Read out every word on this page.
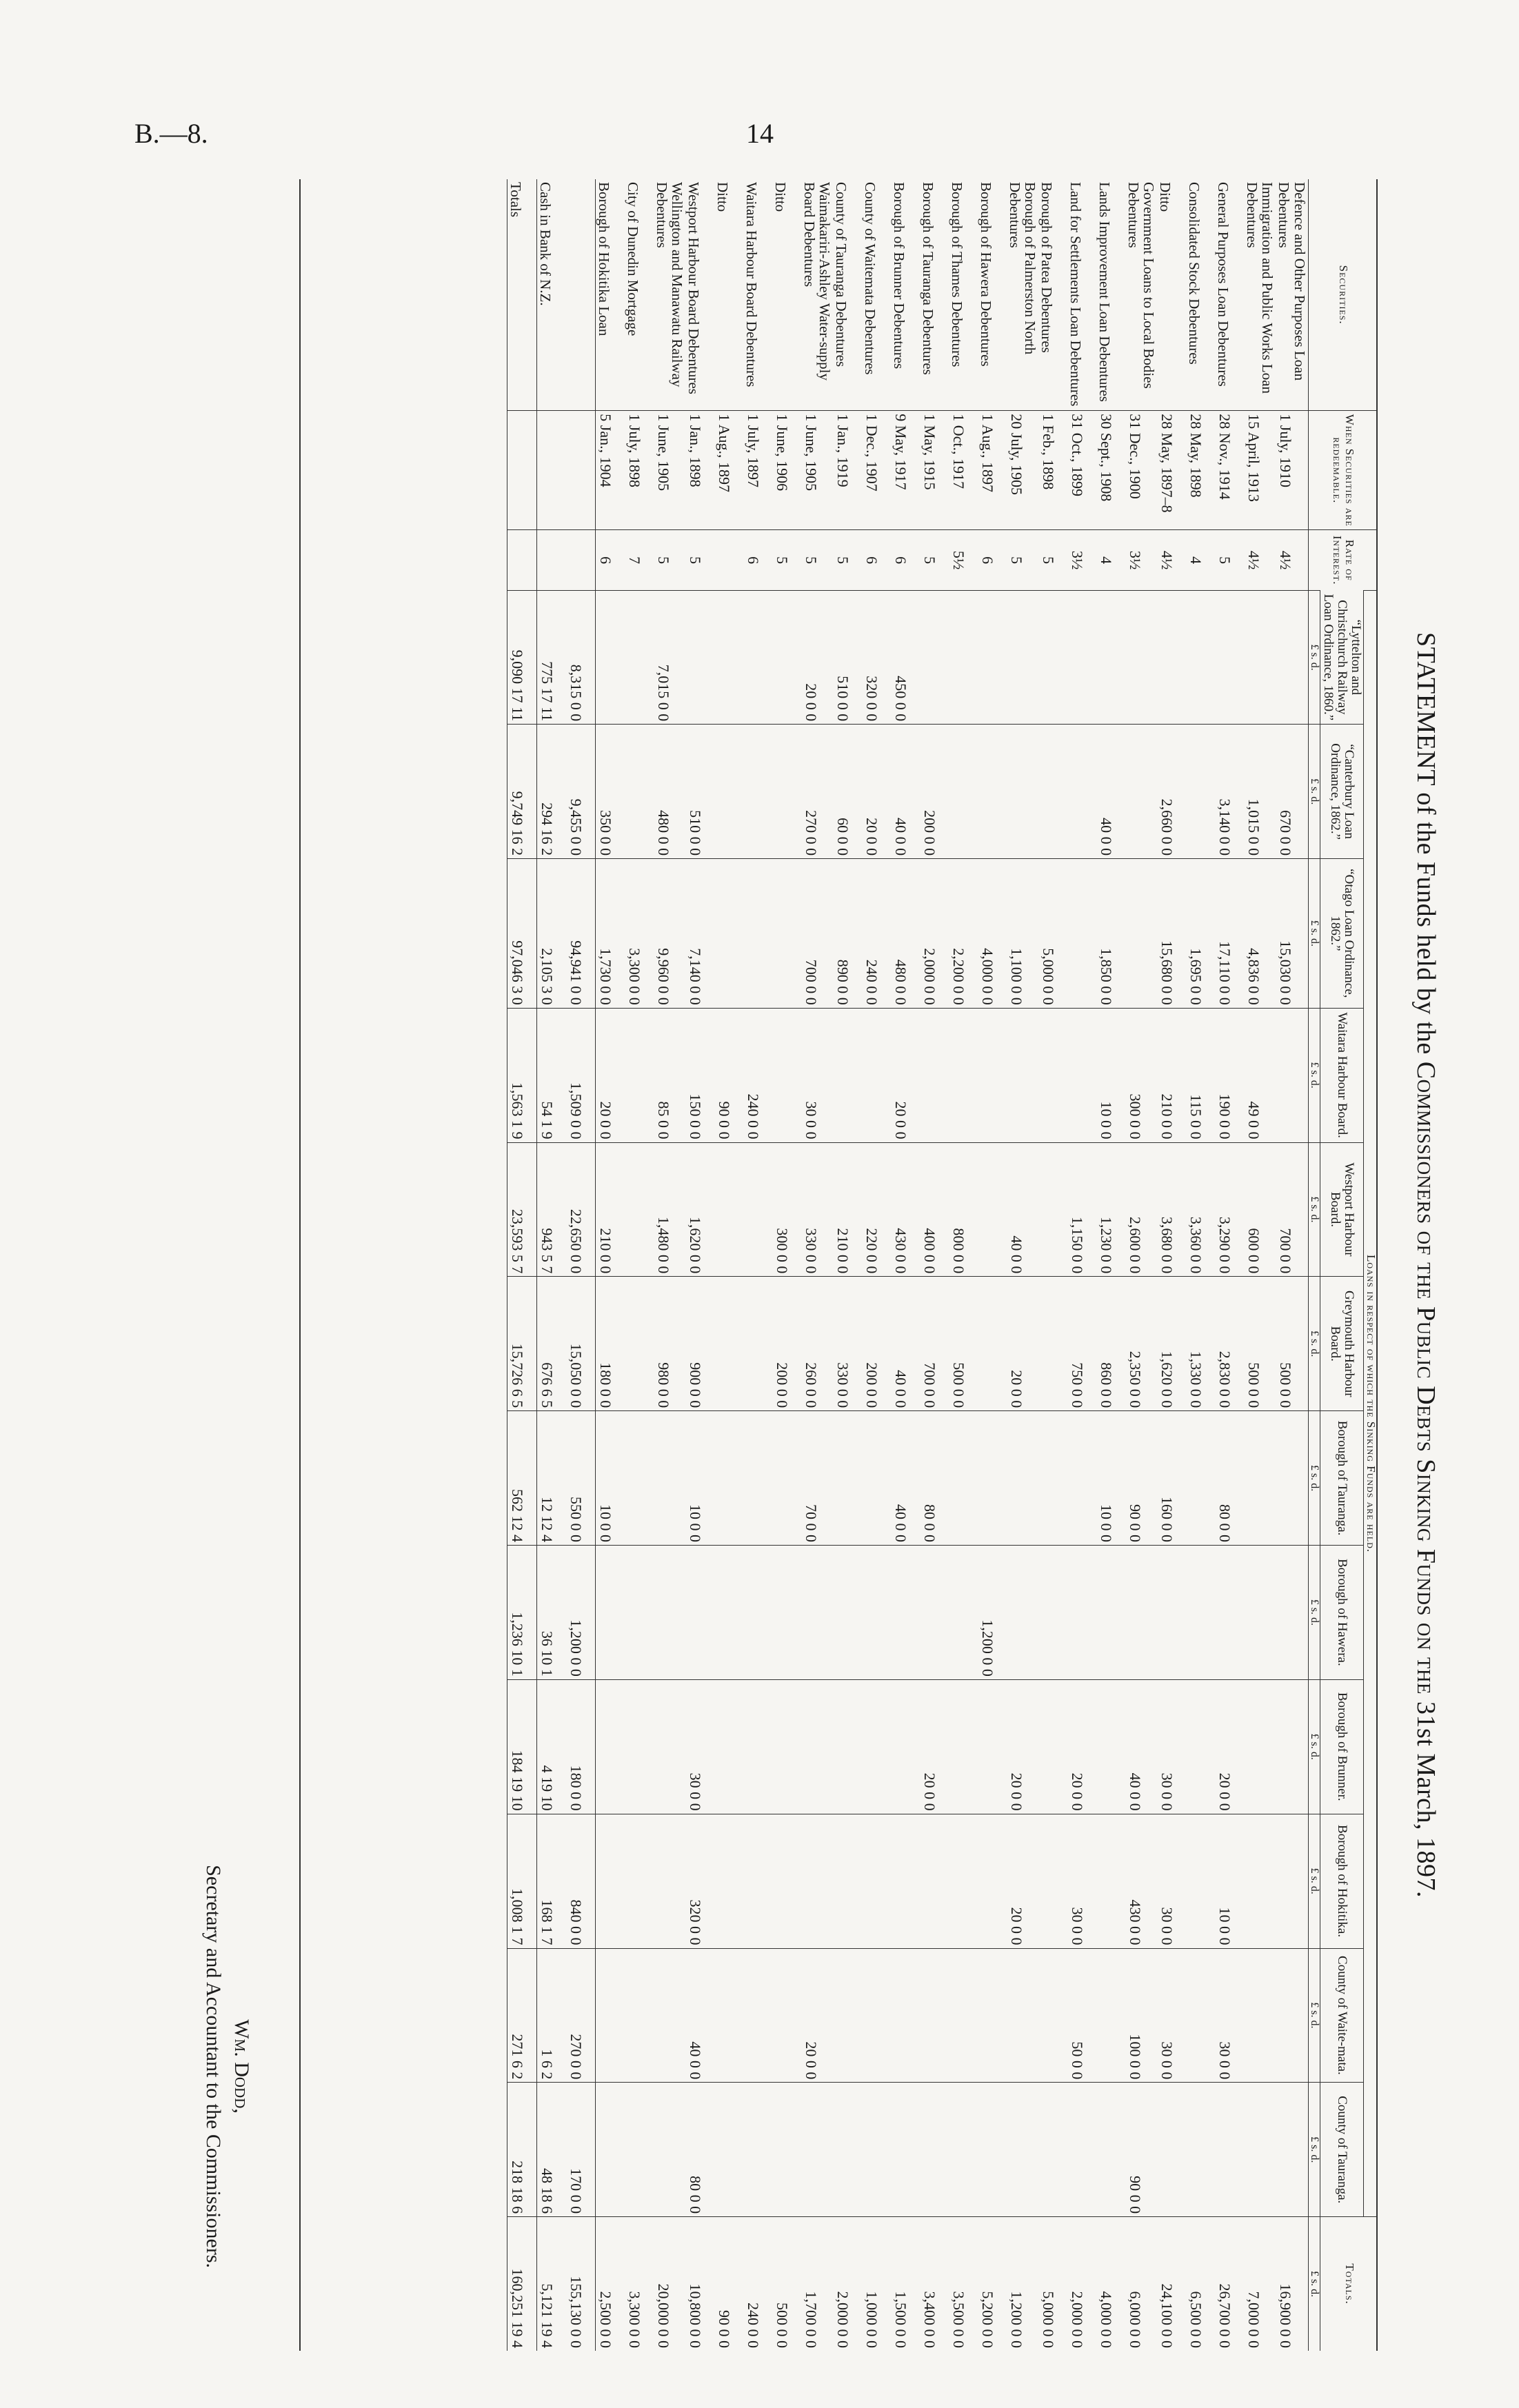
B.—8.	14
STATEMENT of the Funds held by the Commissioners of the Public Debts Sinking Funds on the 31st March, 1897.
Securities.	When Securities are redeemable.	Rate of Interest.	Loans in respect of which the Sinking Funds are held.												Totals.
			“Lyttelton and Christchurch Railway Loan Ordinance, 1860.”	“Canterbury Loan Ordinance, 1862.”	“Otago Loan Ordinance, 1862.”	Waitara Harbour Board.	Westport Harbour Board.	Greymouth Harbour Board.	Borough of Tauranga.	Borough of Hawera.	Borough of Brunner.	Borough of Hokitika.	County of Waite-mata.	County of Tauranga.	
			£ s. d.	£ s. d.	£ s. d.	£ s. d.	£ s. d.	£ s. d.	£ s. d.	£ s. d.	£ s. d.	£ s. d.	£ s. d.	£ s. d.	£ s. d.
Defence and Other Purposes Loan Debentures	1 July, 1910	4½		670 0 0	15,030 0 0		700 0 0	500 0 0							16,900 0 0
Immigration and Public Works Loan Debentures	15 April, 1913	4½		1,015 0 0	4,836 0 0	49 0 0	600 0 0	500 0 0							7,000 0 0
General Purposes Loan Debentures	28 Nov., 1914	5		3,140 0 0	17,110 0 0	190 0 0	3,290 0 0	2,830 0 0	80 0 0		20 0 0	10 0 0	30 0 0		26,700 0 0
Consolidated Stock Debentures	28 May, 1898	4			1,695 0 0	115 0 0	3,360 0 0	1,330 0 0							6,500 0 0
Ditto	28 May, 1897–8	4½		2,660 0 0	15,680 0 0	210 0 0	3,680 0 0	1,620 0 0	160 0 0		30 0 0	30 0 0	30 0 0		24,100 0 0
Government Loans to Local Bodies Debentures	31 Dec., 1900	3½				300 0 0	2,600 0 0	2,350 0 0	90 0 0		40 0 0	430 0 0	100 0 0	90 0 0	6,000 0 0
Lands Improvement Loan Debentures	30 Sept., 1908	4		40 0 0	1,850 0 0	10 0 0	1,230 0 0	860 0 0	10 0 0						4,000 0 0
Land for Settlements Loan Debentures	31 Oct., 1899	3½					1,150 0 0	750 0 0			20 0 0	30 0 0	50 0 0		2,000 0 0
Borough of Patea Debentures	1 Feb., 1898	5			5,000 0 0										5,000 0 0
Borough of Palmerston North Debentures	20 July, 1905	5			1,100 0 0		40 0 0	20 0 0			20 0 0	20 0 0			1,200 0 0
Borough of Hawera Debentures	1 Aug., 1897	6			4,000 0 0					1,200 0 0					5,200 0 0
Borough of Thames Debentures	1 Oct., 1917	5½			2,200 0 0		800 0 0	500 0 0							3,500 0 0
Borough of Tauranga Debentures	1 May, 1915	5		200 0 0	2,000 0 0		400 0 0	700 0 0	80 0 0		20 0 0				3,400 0 0
Borough of Brunner Debentures	9 May, 1917	6	450 0 0	40 0 0	480 0 0	20 0 0	430 0 0	40 0 0	40 0 0						1,500 0 0
County of Waitemata Debentures	1 Dec., 1907	6	320 0 0	20 0 0	240 0 0		220 0 0	200 0 0							1,000 0 0
County of Tauranga Debentures	1 Jan., 1919	5	510 0 0	60 0 0	890 0 0		210 0 0	330 0 0							2,000 0 0
Waimakariri-Ashley Water-supply Board Debentures	1 June, 1905	5	20 0 0	270 0 0	700 0 0	30 0 0	330 0 0	260 0 0	70 0 0				20 0 0		1,700 0 0
Ditto	1 June, 1906	5					300 0 0	200 0 0							500 0 0
Waitara Harbour Board Debentures	1 July, 1897	6				240 0 0									240 0 0
Ditto	1 Aug., 1897					90 0 0									90 0 0
Westport Harbour Board Debentures	1 Jan., 1898	5		510 0 0	7,140 0 0	150 0 0	1,620 0 0	900 0 0	10 0 0		30 0 0	320 0 0	40 0 0	80 0 0	10,800 0 0
Wellington and Manawatu Railway Debentures	1 June, 1905	5	7,015 0 0	480 0 0	9,960 0 0	85 0 0	1,480 0 0	980 0 0							20,000 0 0
City of Dunedin Mortgage	1 July, 1898	7			3,300 0 0										3,300 0 0
Borough of Hokitika Loan	5 Jan., 1904	6		350 0 0	1,730 0 0	20 0 0	210 0 0	180 0 0	10 0 0						2,500 0 0
			8,315 0 0	9,455 0 0	94,941 0 0	1,509 0 0	22,650 0 0	15,050 0 0	550 0 0	1,200 0 0	180 0 0	840 0 0	270 0 0	170 0 0	155,130 0 0
Cash in Bank of N.Z.			775 17 11	294 16 2	2,105 3 0	54 1 9	943 5 7	676 6 5	12 12 4	36 10 1	4 19 10	168 1 7	1 6 2	48 18 6	5,121 19 4
Totals			9,090 17 11	9,749 16 2	97,046 3 0	1,563 1 9	23,593 5 7	15,726 6 5	562 12 4	1,236 10 1	184 19 10	1,008 1 7	271 6 2	218 18 6	160,251 19 4
Wm. Dodd,
Secretary and Accountant to the Commissioners.
